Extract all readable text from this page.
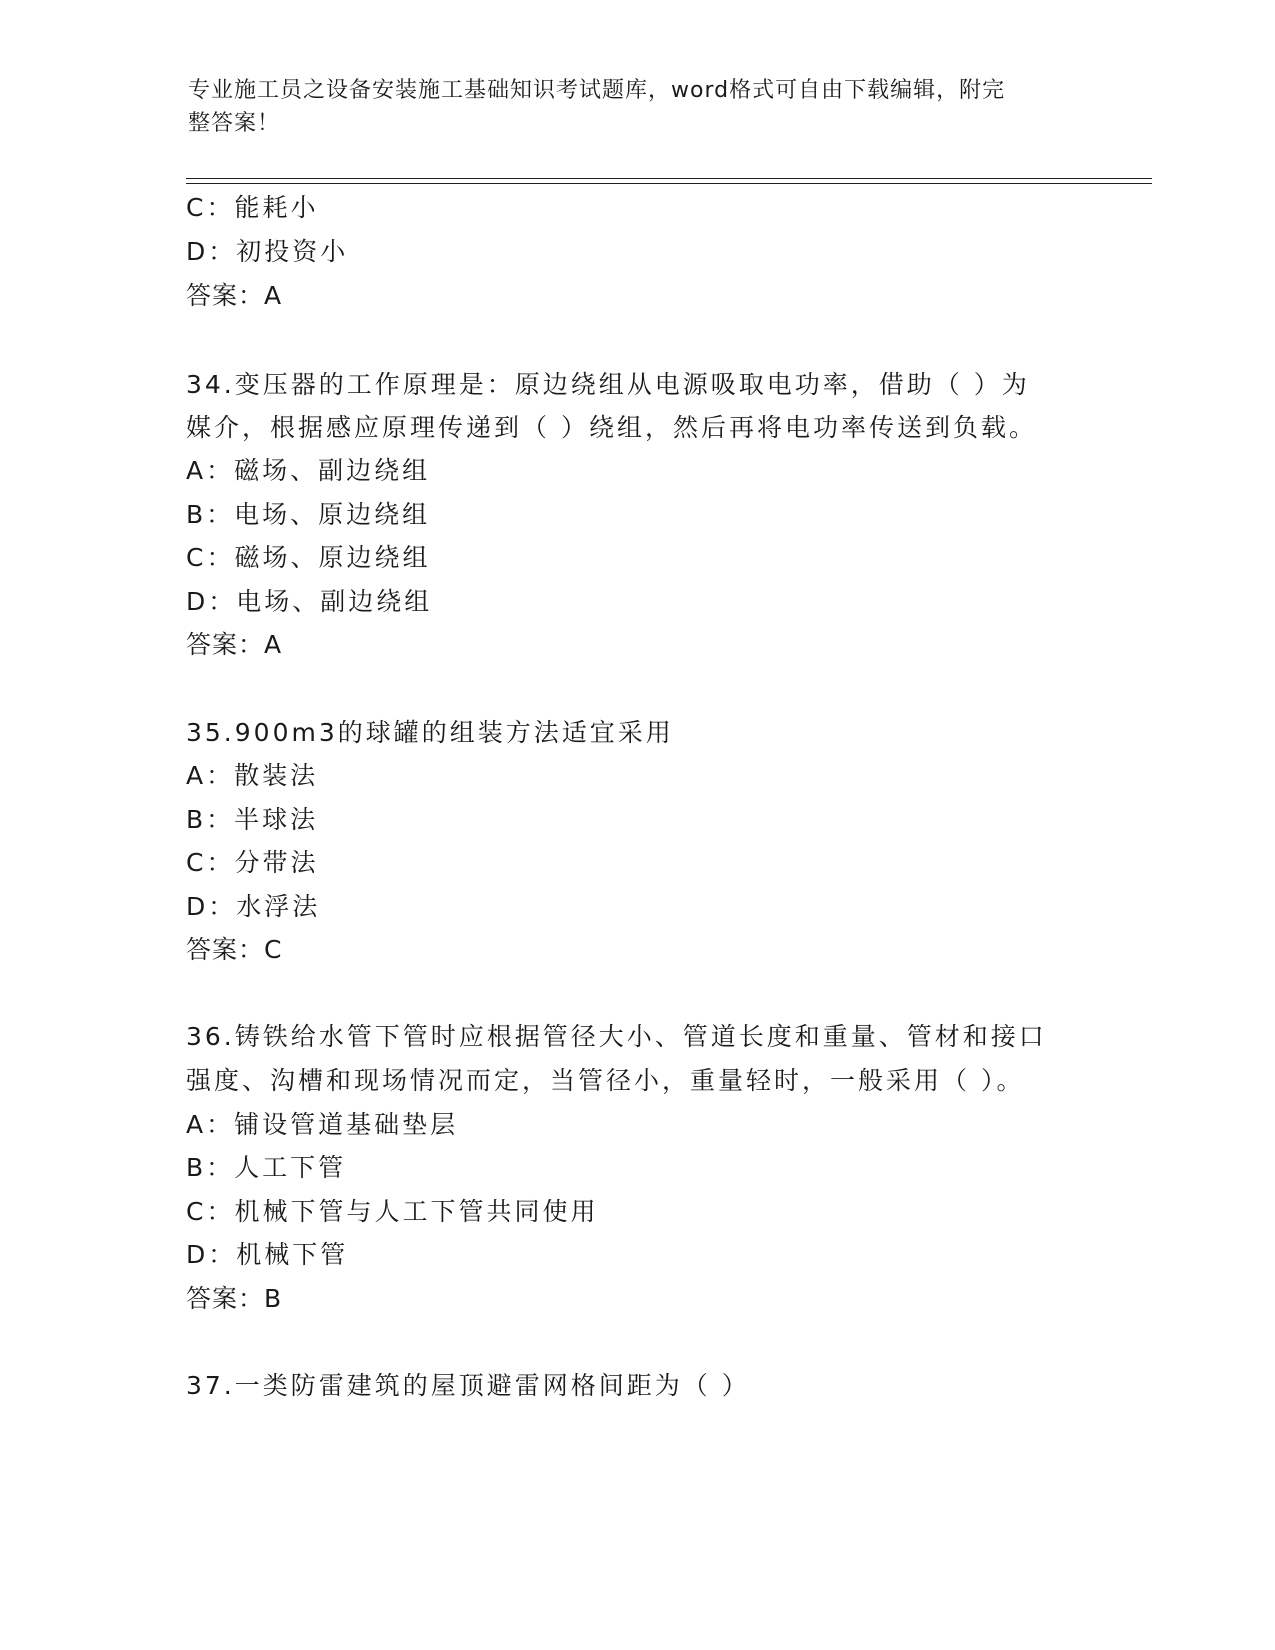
专业施工员之设备安装施工基础知识考试题库，word格式可自由下载编辑，附完
整答案！
C：能耗小
D：初投资小
答案：A
34.变压器的工作原理是：原边绕组从电源吸取电功率，借助（ ）为
媒介，根据感应原理传递到（ ）绕组，然后再将电功率传送到负载。
A：磁场、副边绕组
B：电场、原边绕组
C：磁场、原边绕组
D：电场、副边绕组
答案：A
35.900m3的球罐的组装方法适宜采用
A：散装法
B：半球法
C：分带法
D：水浮法
答案：C
36.铸铁给水管下管时应根据管径大小、管道长度和重量、管材和接口
强度、沟槽和现场情况而定，当管径小，重量轻时，一般采用（ ）。
A：铺设管道基础垫层
B：人工下管
C：机械下管与人工下管共同使用
D：机械下管
答案：B
37.一类防雷建筑的屋顶避雷网格间距为（ ）
